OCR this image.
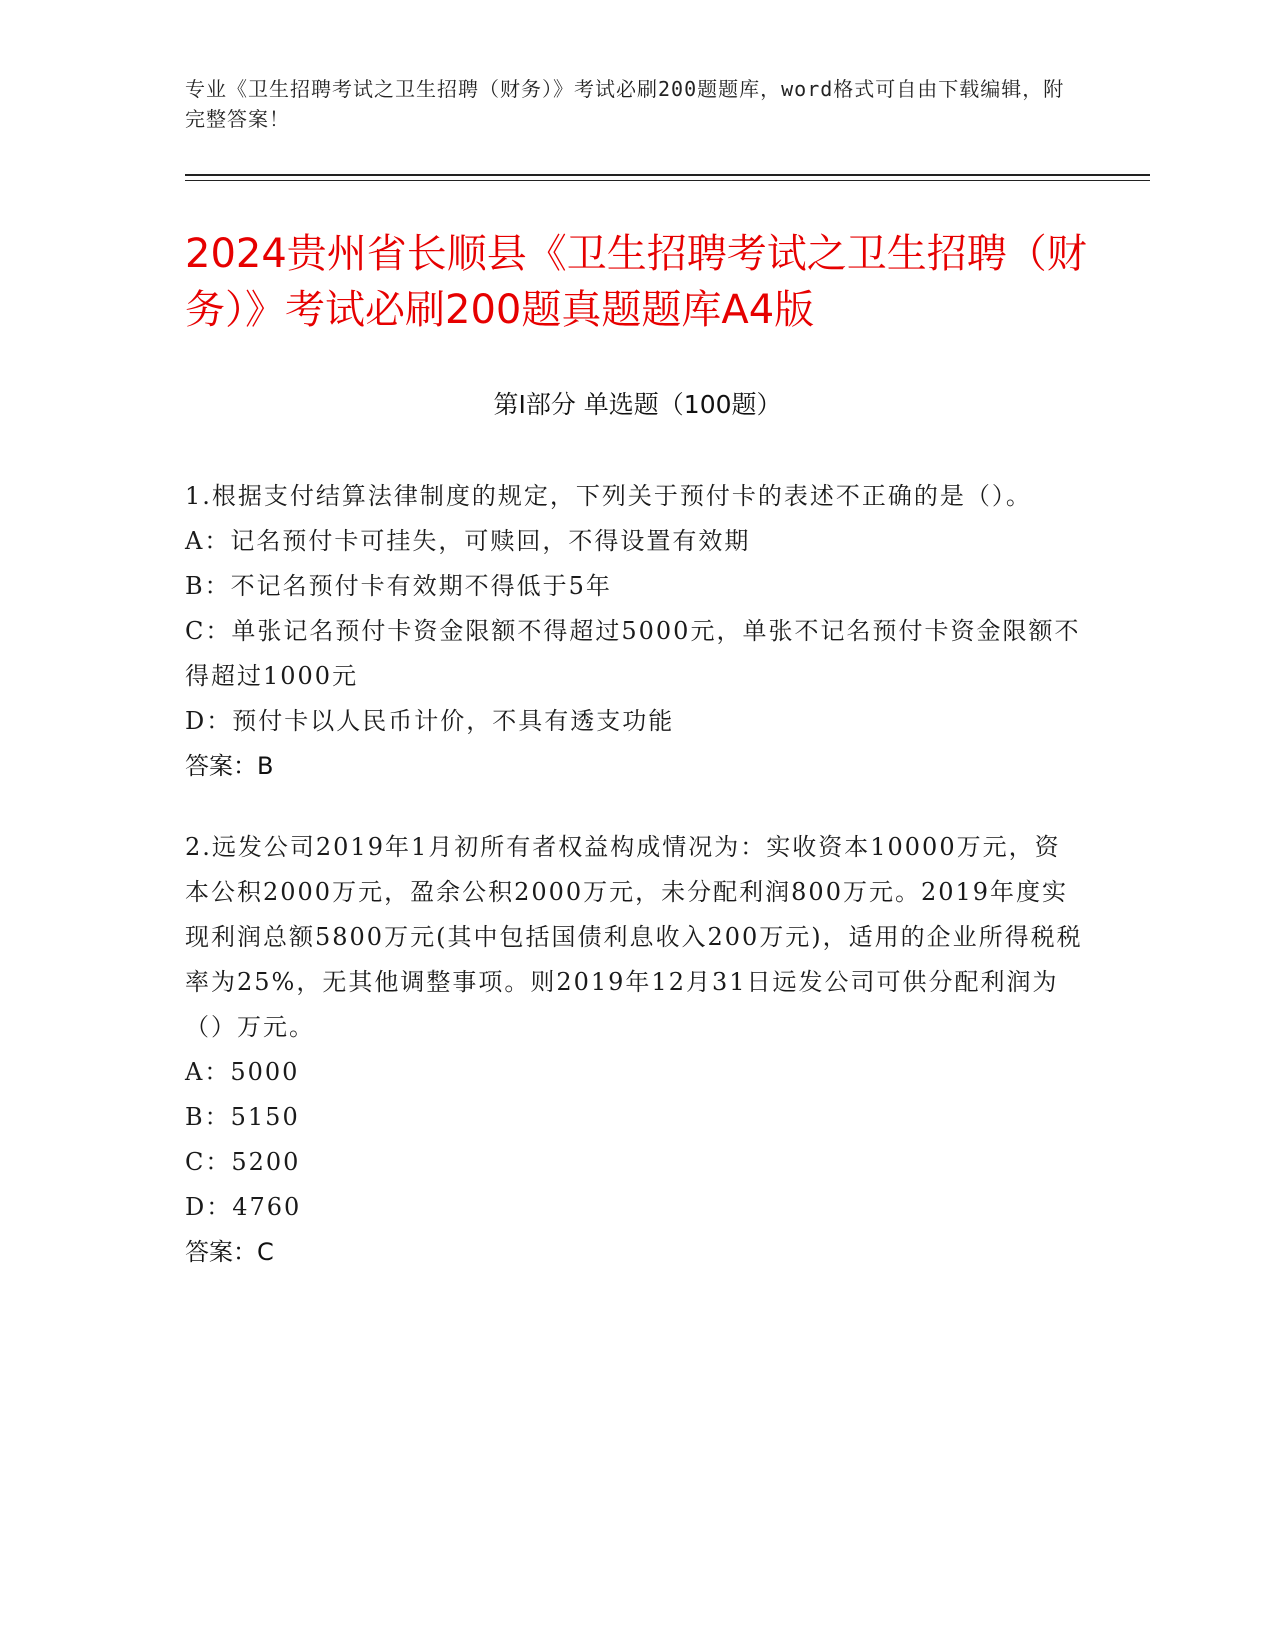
专业《卫生招聘考试之卫生招聘（财务）》考试必刷200题题库，word格式可自由下载编辑，附完整答案！
2024贵州省长顺县《卫生招聘考试之卫生招聘（财务）》考试必刷200题真题题库A4版
第I部分 单选题（100题）
1.根据支付结算法律制度的规定，下列关于预付卡的表述不正确的是（）。
A：记名预付卡可挂失，可赎回，不得设置有效期
B：不记名预付卡有效期不得低于5年
C：单张记名预付卡资金限额不得超过5000元，单张不记名预付卡资金限额不得超过1000元
D：预付卡以人民币计价，不具有透支功能
答案：B
2.远发公司2019年1月初所有者权益构成情况为：实收资本10000万元，资本公积2000万元，盈余公积2000万元，未分配利润800万元。2019年度实现利润总额5800万元(其中包括国债利息收入200万元)，适用的企业所得税税率为25%，无其他调整事项。则2019年12月31日远发公司可供分配利润为（）万元。
A：5000
B：5150
C：5200
D：4760
答案：C
